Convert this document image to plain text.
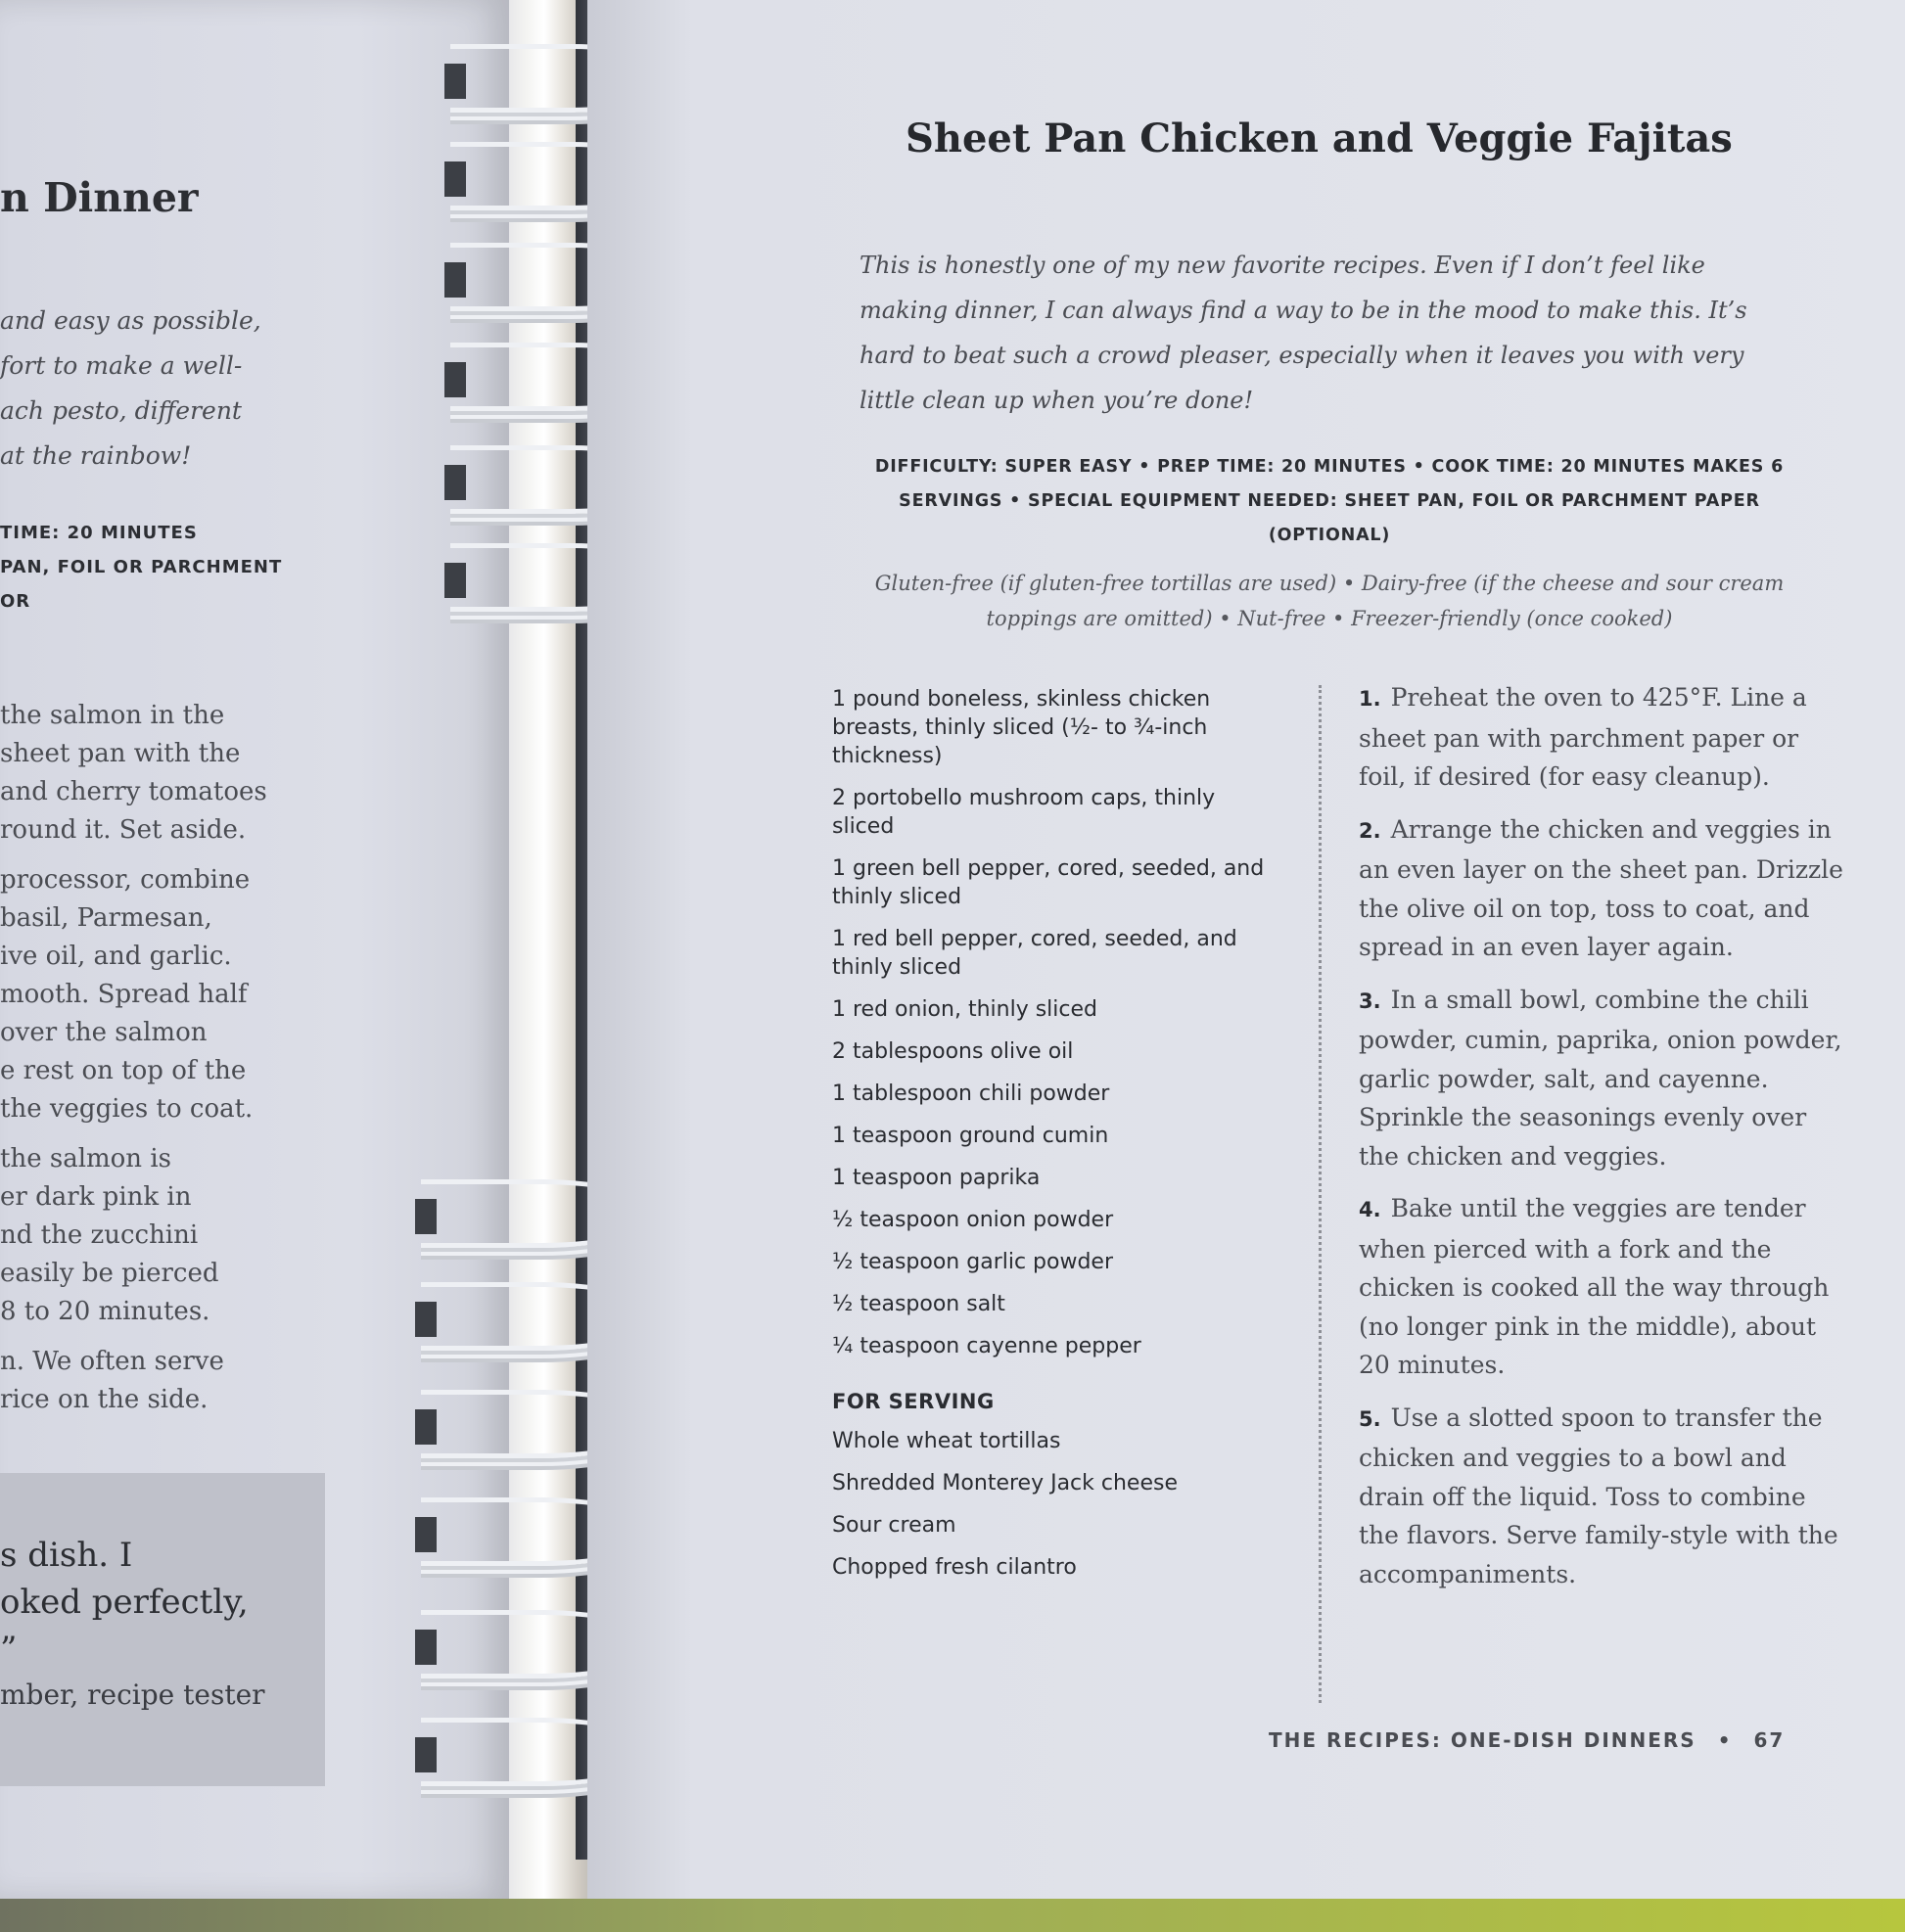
n Dinner
and easy as possible,
fort to make a well-
ach pesto, different
at the rainbow!
TIME: 20 MINUTES
PAN, FOIL OR PARCHMENT
OR
the salmon in the
sheet pan with the
and cherry tomatoes
round it. Set aside.
processor, combine
basil, Parmesan,
ive oil, and garlic.
mooth. Spread half
over the salmon
e rest on top of the
the veggies to coat.
the salmon is
er dark pink in
nd the zucchini
easily be pierced
8 to 20 minutes.
n. We often serve
rice on the side.
s dish. I
oked perfectly,
”
mber, recipe tester
Sheet Pan Chicken and Veggie Fajitas
This is honestly one of my new favorite recipes. Even if I don’t feel like making dinner, I can always find a way to be in the mood to make this. It’s hard to beat such a crowd pleaser, especially when it leaves you with very little clean up when you’re done!
DIFFICULTY: SUPER EASY • PREP TIME: 20 MINUTES • COOK TIME: 20 MINUTES MAKES 6 SERVINGS • SPECIAL EQUIPMENT NEEDED: SHEET PAN, FOIL OR PARCHMENT PAPER (OPTIONAL)
Gluten-free (if gluten-free tortillas are used) • Dairy-free (if the cheese and sour cream toppings are omitted) • Nut-free • Freezer-friendly (once cooked)
1 pound boneless, skinless chicken breasts, thinly sliced (½- to ¾-inch thickness)
2 portobello mushroom caps, thinly sliced
1 green bell pepper, cored, seeded, and thinly sliced
1 red bell pepper, cored, seeded, and thinly sliced
1 red onion, thinly sliced
2 tablespoons olive oil
1 tablespoon chili powder
1 teaspoon ground cumin
1 teaspoon paprika
½ teaspoon onion powder
½ teaspoon garlic powder
½ teaspoon salt
¼ teaspoon cayenne pepper
FOR SERVING
Whole wheat tortillas
Shredded Monterey Jack cheese
Sour cream
Chopped fresh cilantro
1. Preheat the oven to 425°F. Line a sheet pan with parchment paper or foil, if desired (for easy cleanup).
2. Arrange the chicken and veggies in an even layer on the sheet pan. Drizzle the olive oil on top, toss to coat, and spread in an even layer again.
3. In a small bowl, combine the chili powder, cumin, paprika, onion powder, garlic powder, salt, and cayenne. Sprinkle the seasonings evenly over the chicken and veggies.
4. Bake until the veggies are tender when pierced with a fork and the chicken is cooked all the way through (no longer pink in the middle), about 20 minutes.
5. Use a slotted spoon to transfer the chicken and veggies to a bowl and drain off the liquid. Toss to combine the flavors. Serve family-style with the accompaniments.
THE RECIPES: ONE-DISH DINNERS • 67
